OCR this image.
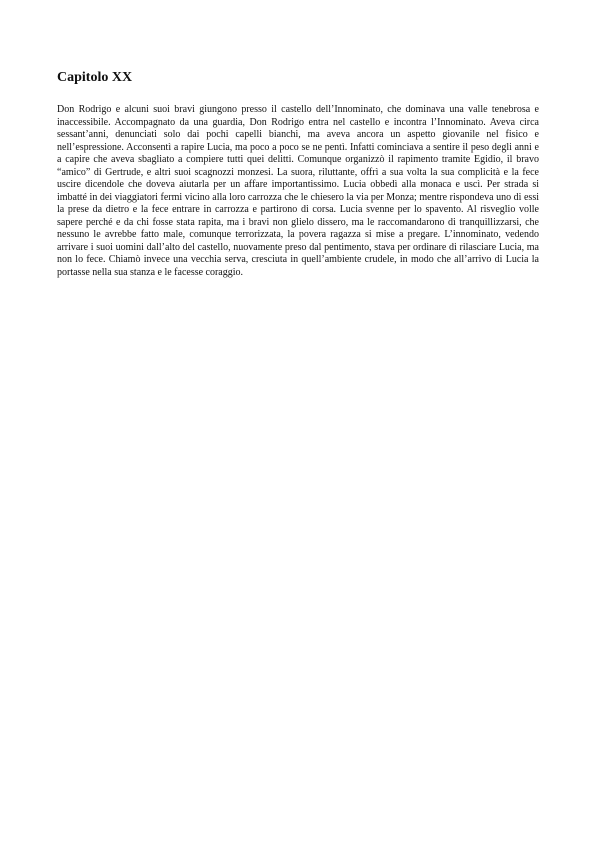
Capitolo XX

Don Rodrigo e alcuni suoi bravi giungono presso il castello dell’Innominato, che dominava una valle tenebrosa e inaccessibile. Accompagnato da una guardia, Don Rodrigo entra nel castello e incontra l’Innominato. Aveva circa sessant’anni, denunciati solo dai pochi capelli bianchi, ma aveva ancora un aspetto giovanile nel fisico e nell’espressione. Acconsentì a rapire Lucia, ma poco a poco se ne pentì. Infatti cominciava a sentire il peso degli anni e a capire che aveva sbagliato a compiere tutti quei delitti. Comunque organizzò il rapimento tramite Egidio, il bravo “amico” di Gertrude, e altri suoi scagnozzi monzesi. La suora, riluttante, offrì a sua volta la sua complicità e la fece uscire dicendole che doveva aiutarla per un affare importantissimo. Lucia obbedì alla monaca e uscì. Per strada si imbatté in dei viaggiatori fermi vicino alla loro carrozza che le chiesero la via per Monza; mentre rispondeva uno di essi la prese da dietro e la fece entrare in carrozza e partirono di corsa. Lucia svenne per lo spavento. Al risveglio volle sapere perché e da chi fosse stata rapita, ma i bravi non glielo dissero, ma le raccomandarono di tranquillizzarsi, che nessuno le avrebbe fatto male, comunque terrorizzata, la povera ragazza si mise a pregare. L’innominato, vedendo arrivare i suoi uomini dall’alto del castello, nuovamente preso dal pentimento, stava per ordinare di rilasciare Lucia, ma non lo fece. Chiamò invece una vecchia serva, cresciuta in quell’ambiente crudele, in modo che all’arrivo di Lucia la portasse nella sua stanza e le facesse coraggio.
